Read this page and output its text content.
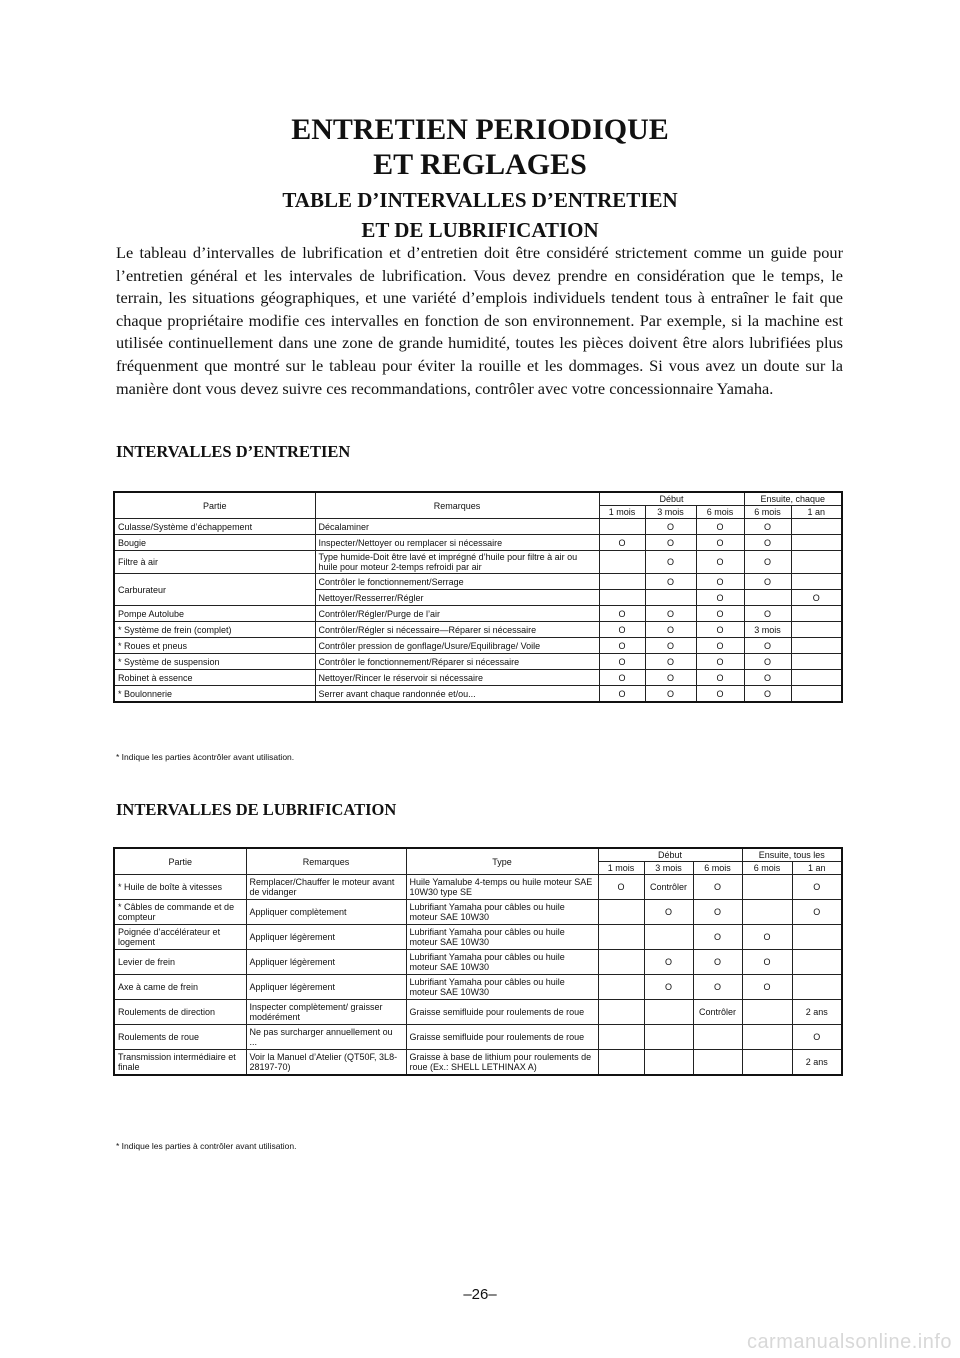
ENTRETIEN PERIODIQUE
ET REGLAGES
TABLE D’INTERVALLES D’ENTRETIEN
ET DE LUBRIFICATION
Le tableau d’intervalles de lubrification et d’entretien doit être considéré strictement comme un guide pour l’entretien général et les intervales de lubrification. Vous devez prendre en considération que le temps, le terrain, les situations géographiques, et une variété d’emplois individuels tendent tous à entraîner le fait que chaque propriétaire modifie ces intervalles en fonction de son environnement. Par exemple, si la machine est utilisée continuellement dans une zone de grande humidité, toutes les pièces doivent être alors lubrifiées plus fréquenment que montré sur le tableau pour éviter la rouille et les dommages. Si vous avez un doute sur la manière dont vous devez suivre ces recommandations, contrôler avec votre concessionnaire Yamaha.
INTERVALLES D’ENTRETIEN
Partie	Remarques	Début			Ensuite, chaque	
		1 mois	3 mois	6 mois	6 mois	1 an
Culasse/Système d’échappement	Décalaminer		O	O	O	
Bougie	Inspecter/Nettoyer ou remplacer si nécessaire	O	O	O	O	
Filtre à air	Type humide-Doit être lavé et imprégné d’huile pour filtre à air ou huile pour moteur 2-temps refroidi par air		O	O	O	
Carburateur	Contrôler le fonctionnement/Serrage		O	O	O	
	Nettoyer/Resserrer/Régler			O		O
Pompe Autolube	Contrôler/Régler/Purge de l’air	O	O	O	O	
* Système de frein (complet)	Contrôler/Régler si nécessaire—Réparer si nécessaire	O	O	O	3 mois	
* Roues et pneus	Contrôler pression de gonflage/Usure/Equilibrage/ Voile	O	O	O	O	
* Système de suspension	Contrôler le fonctionnement/Réparer si nécessaire	O	O	O	O	
Robinet à essence	Nettoyer/Rincer le réservoir si nécessaire	O	O	O	O	
* Boulonnerie	Serrer avant chaque randonnée et/ou...	O	O	O	O	
* Indique les parties àcontrôler avant utilisation.
INTERVALLES DE LUBRIFICATION
Partie	Remarques	Type	Début			Ensuite, tous les	
			1 mois	3 mois	6 mois	6 mois	1 an
* Huile de boîte à vitesses	Remplacer/Chauffer le moteur avant de vidanger	Huile Yamalube 4-temps ou huile moteur SAE 10W30 type SE	O	Contrôler	O		O
* Câbles de commande et de compteur	Appliquer complètement	Lubrifiant Yamaha pour câbles ou huile moteur SAE 10W30		O	O		O
Poignée d’accélérateur et logement	Appliquer légèrement	Lubrifiant Yamaha pour câbles ou huile moteur SAE 10W30			O	O	
Levier de frein	Appliquer légèrement	Lubrifiant Yamaha pour câbles ou huile moteur SAE 10W30		O	O	O	
Axe à came de frein	Appliquer légèrement	Lubrifiant Yamaha pour câbles ou huile moteur SAE 10W30		O	O	O	
Roulements de direction	Inspecter complètement/ graisser modérément	Graisse semifluide pour roulements de roue			Contrôler		2 ans
Roulements de roue	Ne pas surcharger annuellement ou ...	Graisse semifluide pour roulements de roue					O
Transmission intermédiaire et finale	Voir la Manuel d’Atelier (QT50F, 3L8-28197-70)	Graisse à base de lithium pour roulements de roue (Ex.: SHELL LETHINAX A)					2 ans
* Indique les parties à contrôler avant utilisation.
–26–
carmanualsonline.info
